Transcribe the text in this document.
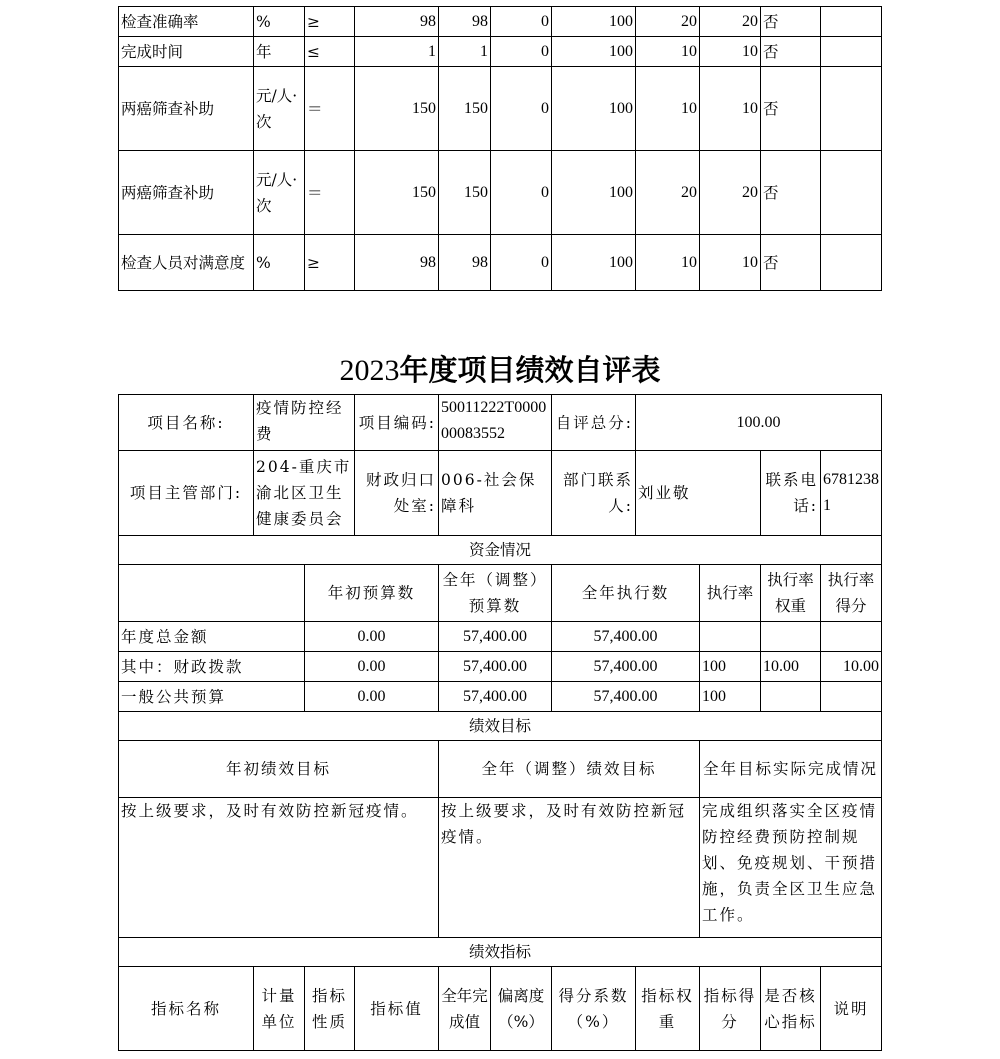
检查准确率	%	≥	98	98	0	100	20	20	否	
完成时间	年	≤	1	1	0	100	10	10	否	
两癌筛查补助	元/人·次	＝	150	150	0	100	10	10	否	
两癌筛查补助	元/人·次	＝	150	150	0	100	20	20	否	
检查人员对满意度	%	≥	98	98	0	100	10	10	否	
2023年度项目绩效自评表
项目名称:	疫情防控经费		项目编码:	50011222T000000083552		自评总分:	100.00			
项目主管部门:	204-重庆市渝北区卫生健康委员会		财政归口处室:	006-社会保障科		部门联系人:	刘业敬		联系电话:	67812381
资金情况										
		年初预算数		全年（调整）预算数		全年执行数		执行率	执行率权重	执行率得分
年度总金额		0.00		57,400.00		57,400.00				
其中：财政拨款		0.00		57,400.00		57,400.00		100	10.00	10.00
一般公共预算		0.00		57,400.00		57,400.00		100		
绩效目标										
年初绩效目标				全年（调整）绩效目标				全年目标实际完成情况		
按上级要求，及时有效防控新冠疫情。				按上级要求，及时有效防控新冠疫情。				完成组织落实全区疫情防控经费预防控制规划、免疫规划、干预措施，负责全区卫生应急工作。		
绩效指标										
指标名称	计量单位	指标性质	指标值	全年完成值	偏离度（%）	得分系数（%）	指标权重	指标得分	是否核心指标	说明
